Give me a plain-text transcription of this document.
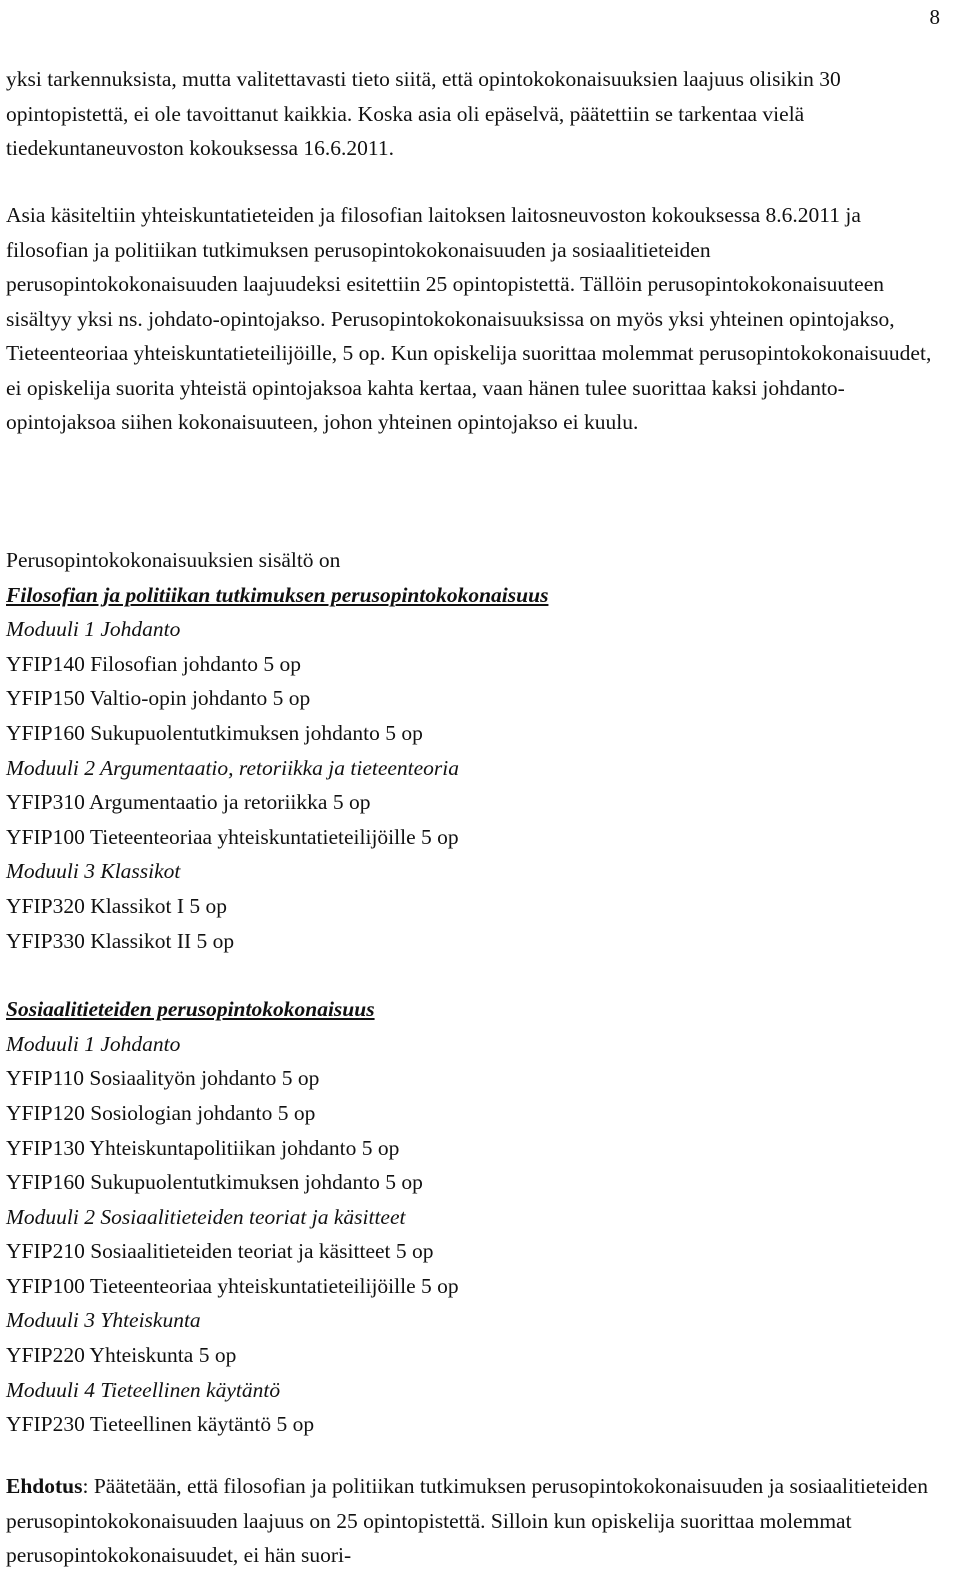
8

yksi tarkennuksista, mutta valitettavasti tieto siitä, että opintokokonaisuuksien laajuus olisikin 30 opintopistettä, ei ole tavoittanut kaikkia. Koska asia oli epäselvä, päätettiin se tarkentaa vielä tiedekuntaneuvoston kokouksessa 16.6.2011.

Asia käsiteltiin yhteiskuntatieteiden ja filosofian laitoksen laitosneuvoston kokouksessa 8.6.2011 ja filosofian ja politiikan tutkimuksen perusopintokokonaisuuden ja sosiaalitieteiden perusopintokokonaisuuden laajuudeksi esitettiin 25 opintopistettä. Tällöin perusopintokokonaisuuteen sisältyy yksi ns. johdato-opintojakso. Perusopintokokonaisuuksissa on myös yksi yhteinen opintojakso, Tieteenteoriaa yhteiskuntatieteilijöille, 5 op. Kun opiskelija suorittaa molemmat perusopintokokonaisuudet, ei opiskelija suorita yhteistä opintojaksoa kahta kertaa, vaan hänen tulee suorittaa kaksi johdanto-opintojaksoa siihen kokonaisuuteen, johon yhteinen opintojakso ei kuulu.

Perusopintokokonaisuuksien sisältö on
Filosofian ja politiikan tutkimuksen perusopintokokonaisuus
Moduuli 1 Johdanto
YFIP140 Filosofian johdanto 5 op
YFIP150 Valtio-opin johdanto 5 op
YFIP160 Sukupuolentutkimuksen johdanto 5 op
Moduuli 2 Argumentaatio, retoriikka ja tieteenteoria
YFIP310 Argumentaatio ja retoriikka 5 op
YFIP100 Tieteenteoriaa yhteiskuntatieteilijöille 5 op
Moduuli 3 Klassikot
YFIP320 Klassikot I 5 op
YFIP330 Klassikot II 5 op
Sosiaalitieteiden perusopintokokonaisuus
Moduuli 1 Johdanto
YFIP110 Sosiaalityön johdanto 5 op
YFIP120 Sosiologian johdanto 5 op
YFIP130 Yhteiskuntapolitiikan johdanto 5 op
YFIP160 Sukupuolentutkimuksen johdanto 5 op
Moduuli 2 Sosiaalitieteiden teoriat ja käsitteet
YFIP210 Sosiaalitieteiden teoriat ja käsitteet 5 op
YFIP100 Tieteenteoriaa yhteiskuntatieteilijöille 5 op
Moduuli 3 Yhteiskunta
YFIP220 Yhteiskunta 5 op
Moduuli 4 Tieteellinen käytäntö
YFIP230 Tieteellinen käytäntö 5 op

Ehdotus: Päätetään, että filosofian ja politiikan tutkimuksen perusopintokokonaisuuden ja sosiaalitieteiden perusopintokokonaisuuden laajuus on 25 opintopistettä. Silloin kun opiskelija suorittaa molemmat perusopintokokonaisuudet, ei hän suori-
